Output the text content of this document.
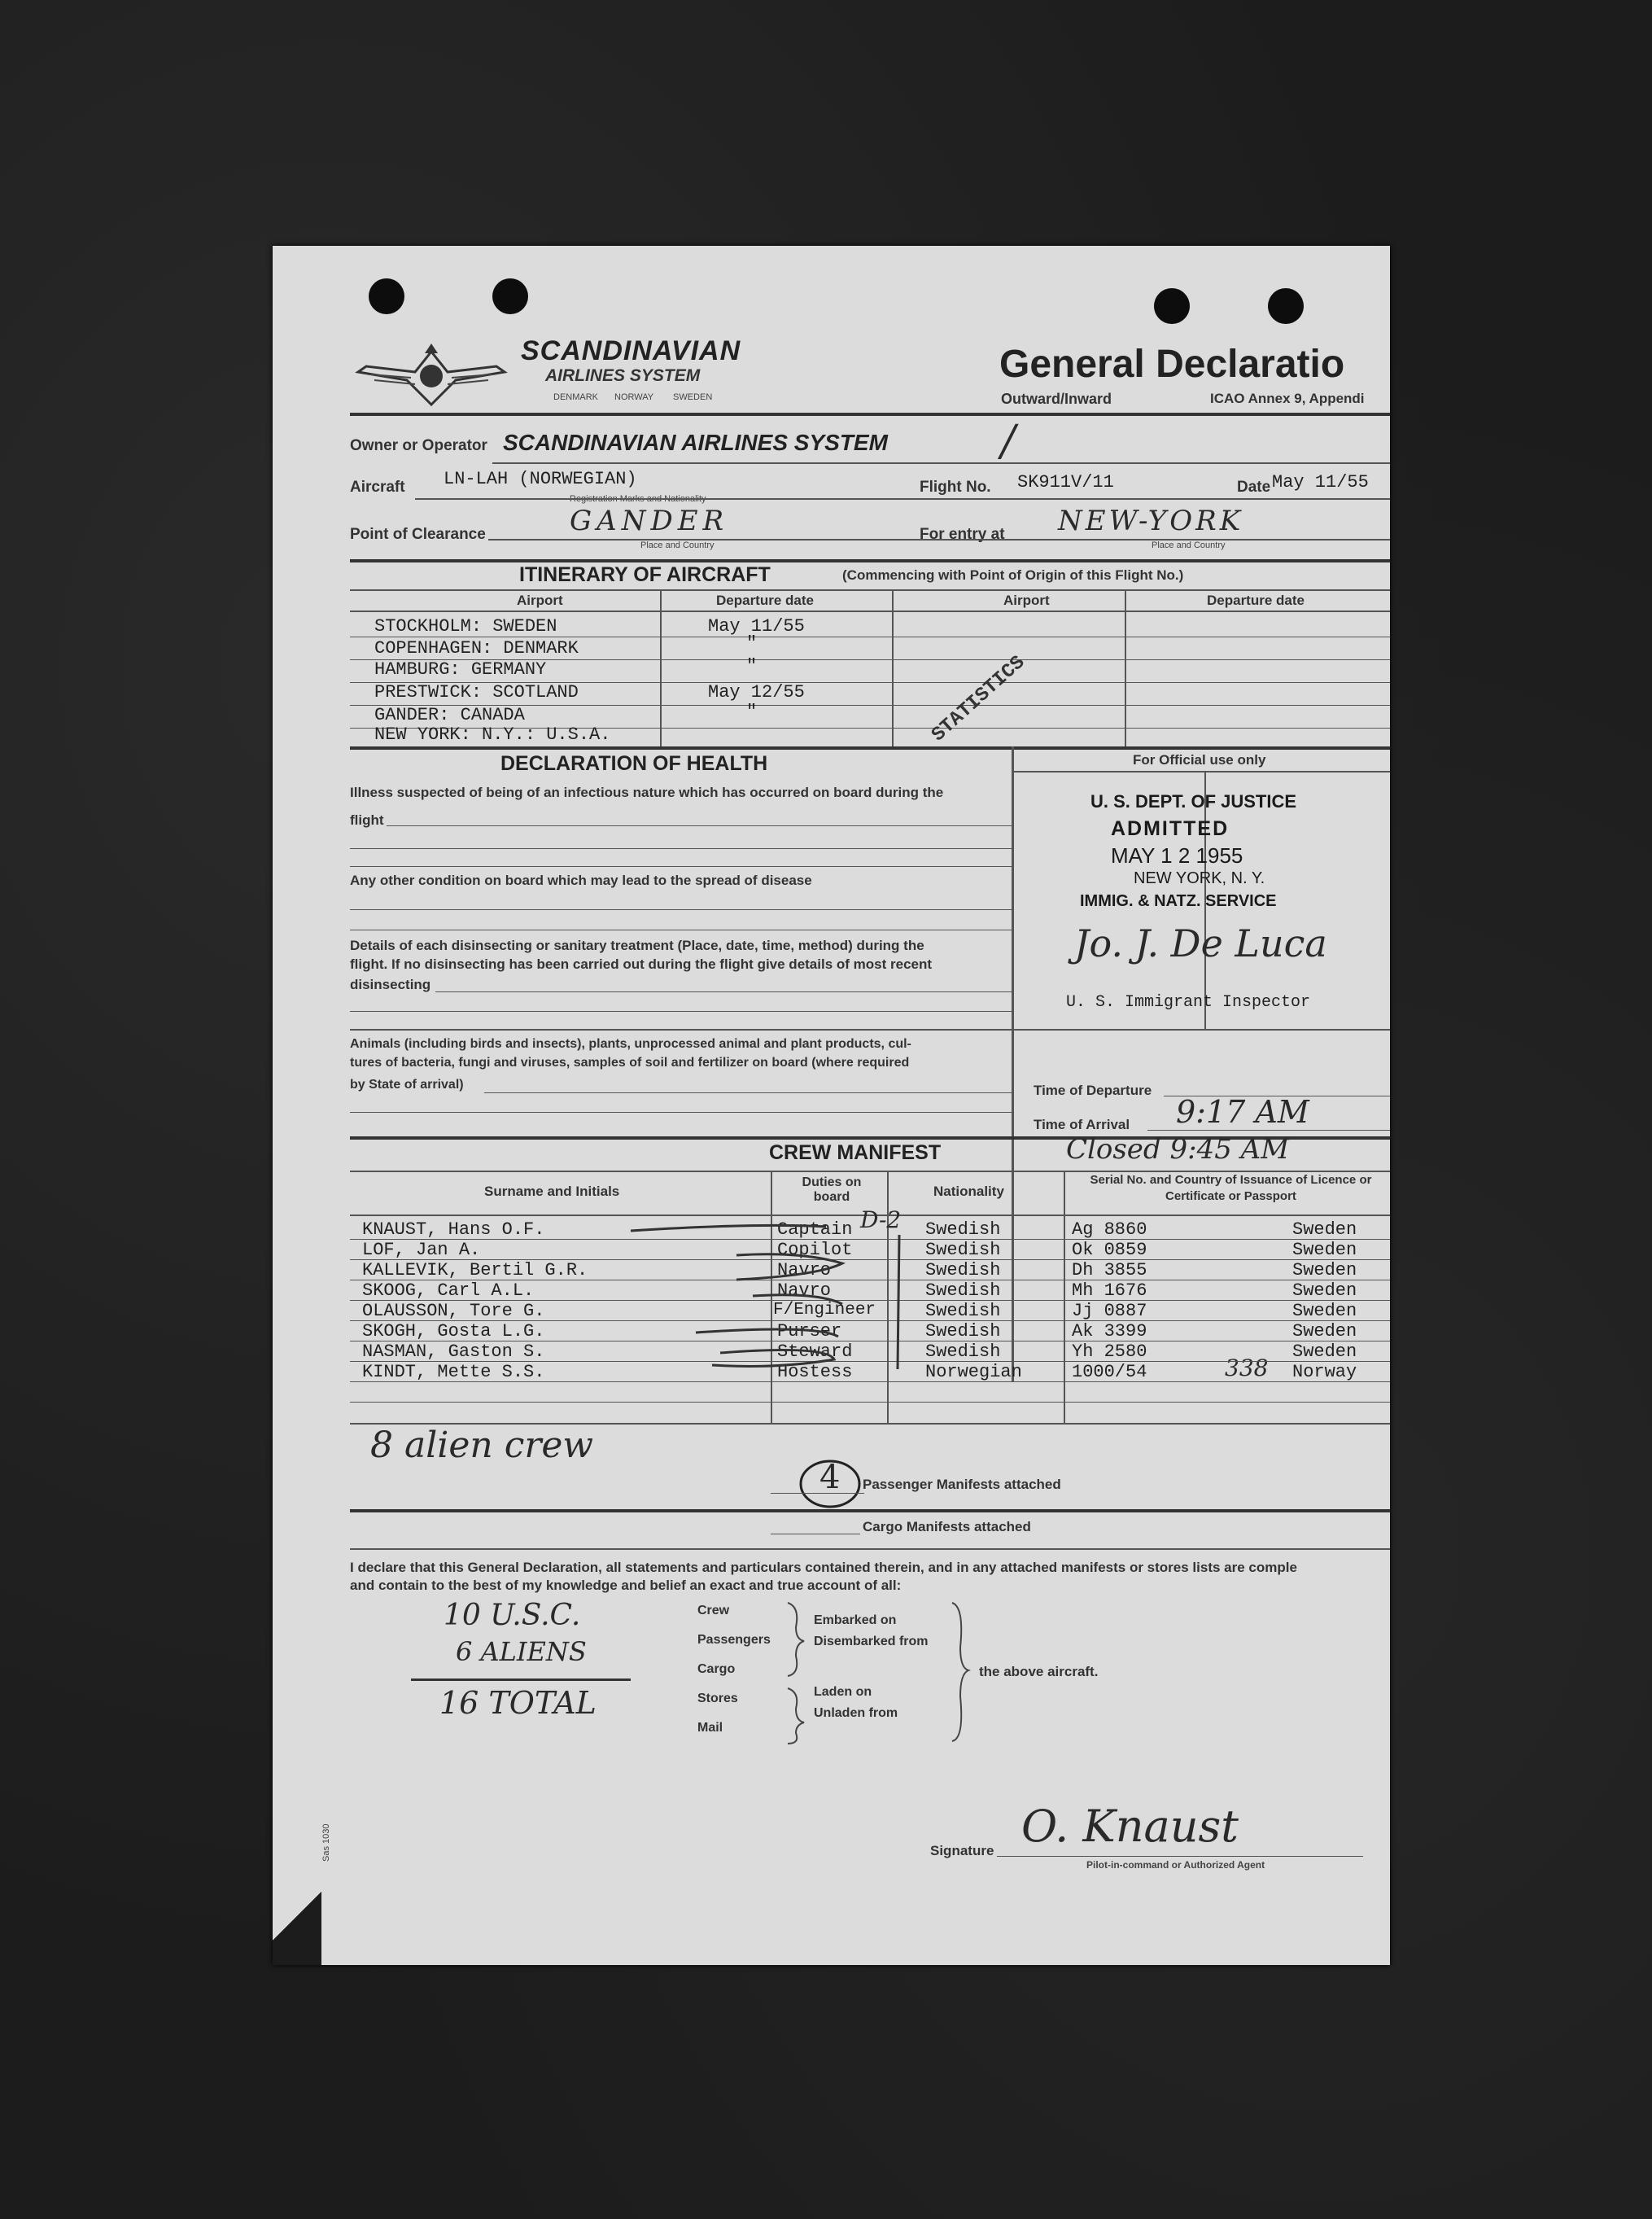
SCANDINAVIAN
AIRLINES SYSTEM
DENMARK NORWAY SWEDEN
General Declaratio
Outward/Inward	ICAO Annex 9, Appendi
Owner or Operator SCANDINAVIAN AIRLINES SYSTEM	/
Aircraft LN-LAH (NORWEGIAN)
Registration Marks and Nationality
Flight No. SK911V/11	Date May 11/55
Point of Clearance	GANDER
Place and Country
For entry at NEW-YORK
Place and Country
ITINERARY OF AIRCRAFT	(Commencing with Point of Origin of this Flight No.)
Airport	Departure date	Airport	Departure date
STOCKHOLM: SWEDEN	May 11/55
COPENHAGEN: DENMARK	"
HAMBURG: GERMANY	"
PRESTWICK: SCOTLAND	May 12/55
GANDER: CANADA	"
NEW YORK: N.Y.: U.S.A.	STATISTICS
DECLARATION OF HEALTH
Illness suspected of being of an infectious nature which has occurred on board during the
flight
Any other condition on board which may lead to the spread of disease
Details of each disinsecting or sanitary treatment (Place, date, time, method) during the
flight. If no disinsecting has been carried out during the flight give details of most recent
disinsecting
Animals (including birds and insects), plants, unprocessed animal and plant products, cul-
tures of bacteria, fungi and viruses, samples of soil and fertilizer on board (where required
by State of arrival)
For Official use only
U. S. DEPT. OF JUSTICE
ADMITTED
MAY 1 2 1955
NEW YORK, N. Y.
IMMIG. & NATZ. SERVICE
Jo. J. De Luca
U. S. Immigrant Inspector
Time of Departure
Time of Arrival 9:17 AM
CREW MANIFEST	Closed 9:45 AM
Surname and Initials
Duties on board	Nationality
Serial No. and Country of Issuance of Licence or Certificate or Passport
KNAUST, Hans O.F.	Captain	Swedish	Ag 8860	Sweden
LOF, Jan A.	Copilot	Swedish	Ok 0859	Sweden
KALLEVIK, Bertil G.R.	Navro	Swedish	Dh 3855	Sweden
SKOOG, Carl A.L.	Navro	Swedish	Mh 1676	Sweden
OLAUSSON, Tore G.	F/Engineer	Swedish	Jj 0887	Sweden
SKOGH, Gosta L.G.	Purser	Swedish	Ak 3399	Sweden
NASMAN, Gaston S.	Steward	Swedish	Yh 2580	Sweden
KINDT, Mette S.S.	Hostess	Norwegian	1000/54	338 Norway
D-2
8 alien crew
4 Passenger Manifests attached
Cargo Manifests attached
I declare that this General Declaration, all statements and particulars contained therein, and in any attached manifests or stores lists are comple
and contain to the best of my knowledge and belief an exact and true account of all:
10 U.S.C.
6 ALIENS
16 TOTAL
Crew
Passengers
Cargo
Stores
Mail
Embarked on
Disembarked from
Laden on
Unladen from
the above aircraft.
Signature O. Knaust
Pilot-in-command or Authorized Agent
Sas 1030
